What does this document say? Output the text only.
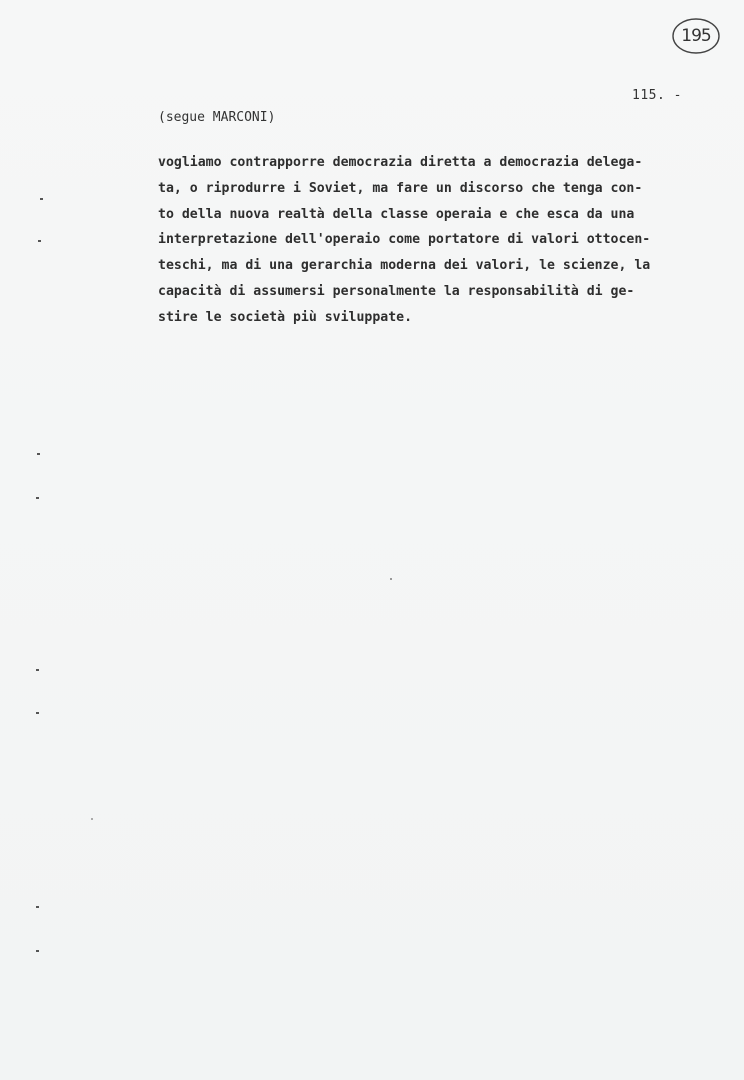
195
115. -
(segue MARCONI)
vogliamo contrapporre democrazia diretta a democrazia delega-
ta, o riprodurre i Soviet, ma fare un discorso che tenga con-
to della nuova realtà della classe operaia e che esca da una
interpretazione dell'operaio come portatore di valori ottocen-
teschi, ma di una gerarchia moderna dei valori, le scienze, la
capacità di assumersi personalmente la responsabilità di ge-
stire le società più sviluppate.
